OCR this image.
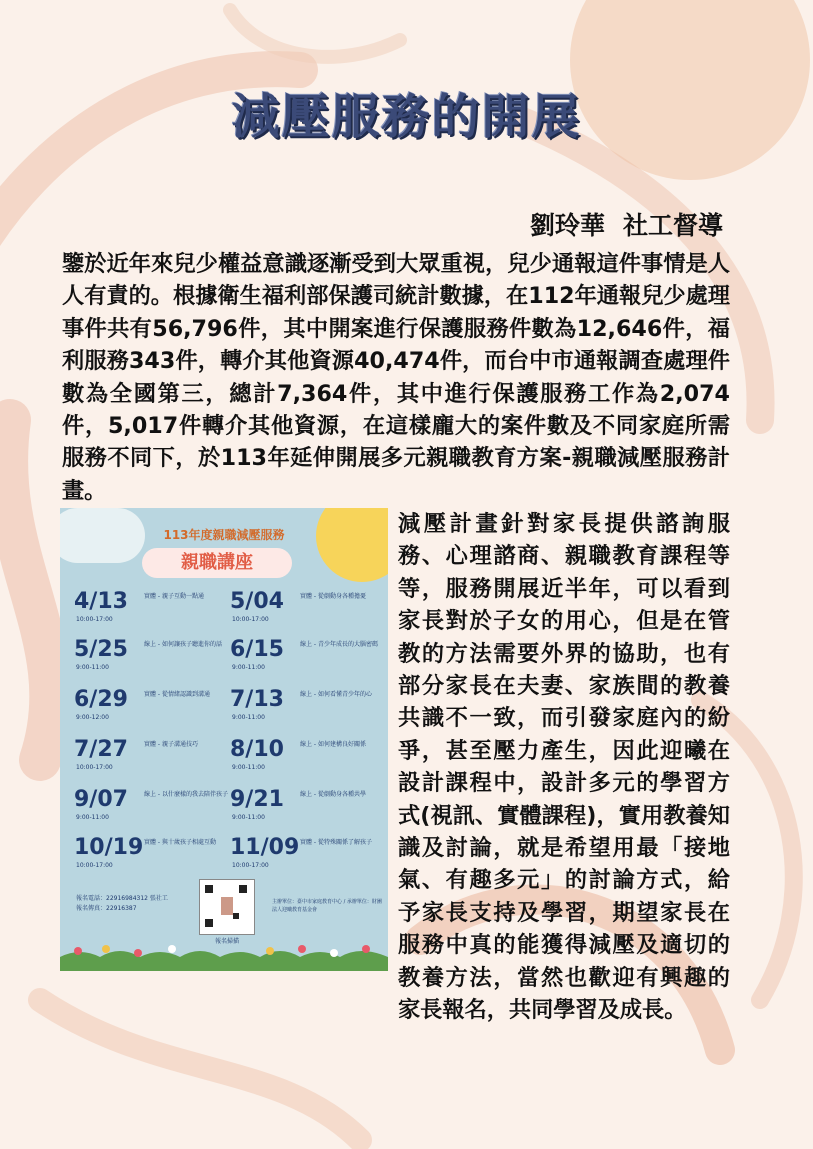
減壓服務的開展
劉玲華 社工督導

鑒於近年來兒少權益意識逐漸受到大眾重視，兒少通報這件事情是人人有責的。根據衛生福利部保護司統計數據，在112年通報兒少處理事件共有56,796件，其中開案進行保護服務件數為12,646件，福利服務343件，轉介其他資源40,474件，而台中市通報調查處理件數為全國第三，總計7,364件，其中進行保護服務工作為2,074件，5,017件轉介其他資源，在這樣龐大的案件數及不同家庭所需服務不同下，於113年延伸開展多元親職教育方案-親職減壓服務計畫。

113年度親職減壓服務
親職講座
4/13
10:00-17:00
實體 - 親子互動一點通	5/04
10:00-17:00
實體 - 從劇動身各種擔憂
5/25
9:00-11:00
線上 - 如何讓孩子聽進你的話 6/15
9:00-11:00
線上 - 青少年成長的大腦密碼
6/29
9:00-12:00
實體 - 從情緒認識到溝通 7/13
9:00-11:00
線上 - 如何看懂青少年的心
7/27
10:00-17:00
實體 - 親子溝通技巧	8/10
9:00-11:00
線上 - 如何建構良好關係
9/07
9:00-11:00
線上 - 以什麼樣的我去陪伴孩子 9/21
9:00-11:00
線上 - 從劇動身各種共學
10/19
10:00-17:00
實體 - 與十歲孩子相處互動 11/09
10:00-17:00
實體 - 從特殊關係了解孩子
報名電話：22916984312 張社工
報名傳真：22916387
報名掃描
主辦單位：臺中市家庭教育中心 / 承辦單位：財團法人迎曦教育基金會

減壓計畫針對家長提供諮詢服務、心理諮商、親職教育課程等等，服務開展近半年，可以看到家長對於子女的用心，但是在管教的方法需要外界的協助，也有部分家長在夫妻、家族間的教養共識不一致，而引發家庭內的紛爭，甚至壓力產生，因此迎曦在設計課程中，設計多元的學習方式(視訊、實體課程)，實用教養知識及討論，就是希望用最「接地氣、有趣多元」的討論方式，給予家長支持及學習，期望家長在服務中真的能獲得減壓及適切的教養方法，當然也歡迎有興趣的家長報名，共同學習及成長。
